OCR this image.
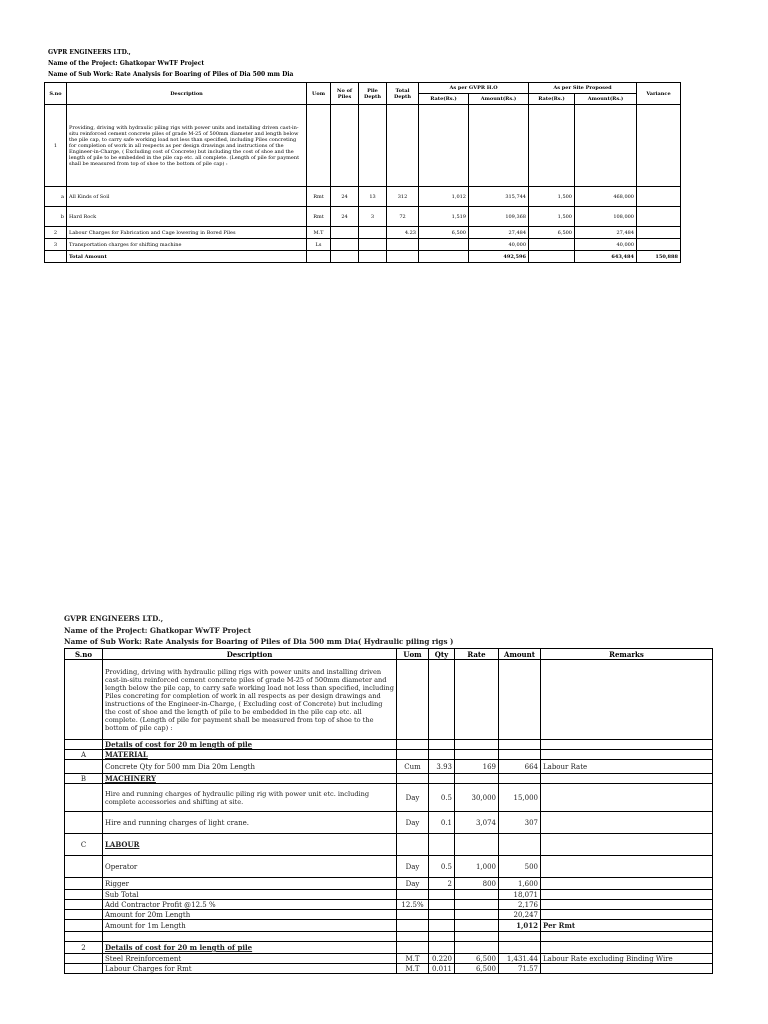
GVPR ENGINEERS LTD.,
Name of the Project: Ghatkopar WwTF Project
Name of Sub Work: Rate Analysis for Boaring of Piles of Dia 500 mm Dia
S.no	Description	Uom	No of Piles	Pile Depth	Total Depth	As per GVPR H.O		As per Site Proposed		Variance
						Rate(Rs.)	Amount(Rs.)	Rate(Rs.)	Amount(Rs.)	
1	Providing, driving with hydraulic piling rigs with power units and installing driven cast-in-situ reinforced cement concrete piles of grade M-25 of 500mm diameter and length below the pile cap, to carry safe working load not less than specified, including Piles concreting for completion of work in all respects as per design drawings and instructions of the Engineer-in-Charge, ( Excluding cost of Concrete) but including the cost of shoe and the length of pile to be embedded in the pile cap etc. all complete. (Length of pile for payment shall be measured from top of shoe to the bottom of pile cap) :									
a	All Kinds of Soil	Rmt	24	13	312	1,012	315,744	1,500	468,000	
b	Hard Rock	Rmt	24	3	72	1,519	109,368	1,500	108,000	
2	Labour Charges for Fabrication and Cage lowering in Bored Piles	M.T			4.23	6,500	27,484	6,500	27,484	
3	Transportation charges for shifting machine	Ls					40,000		40,000	
	Total Amount						492,596		643,484	150,888
GVPR ENGINEERS LTD.,
Name of the Project: Ghatkopar WwTF Project
Name of Sub Work: Rate Analysis for Boaring of Piles of Dia 500 mm Dia( Hydraulic piling rigs )
S.no	Description	Uom	Qty	Rate	Amount	Remarks
	Providing, driving with hydraulic piling rigs with power units and installing driven cast-in-situ reinforced cement concrete piles of grade M-25 of 500mm diameter and length below the pile cap, to carry safe working load not less than specified, including Piles concreting for completion of work in all respects as per design drawings and instructions of the Engineer-in-Charge, ( Excluding cost of Concrete) but including the cost of shoe and the length of pile to be embedded in the pile cap etc. all complete. (Length of pile for payment shall be measured from top of shoe to the bottom of pile cap) :					
	Details of cost for 20 m length of pile					
A	MATERIAL					
	Concrete Qty for 500 mm Dia 20m Length	Cum	3.93	169	664	Labour Rate
B	MACHINERY					
	Hire and running charges of hydraulic piling rig with power unit etc. including complete accessories and shifting at site.	Day	0.5	30,000	15,000	
	Hire and running charges of light crane.	Day	0.1	3,074	307	
C	LABOUR					
	Operator	Day	0.5	1,000	500	
	Rigger	Day	2	800	1,600	
	Sub Total				18,071	
	Add Contractor Profit @12.5 %	12.5%			2,176	
	Amount for 20m Length				20,247	
	Amount for 1m Length				1,012	Per Rmt

2	Details of cost for 20 m length of pile					
	Steel Rreinforcement	M.T	0.220	6,500	1,431.44	Labour Rate excluding Binding Wire
	Labour Charges for Rmt	M.T	0.011	6,500	71.57	
